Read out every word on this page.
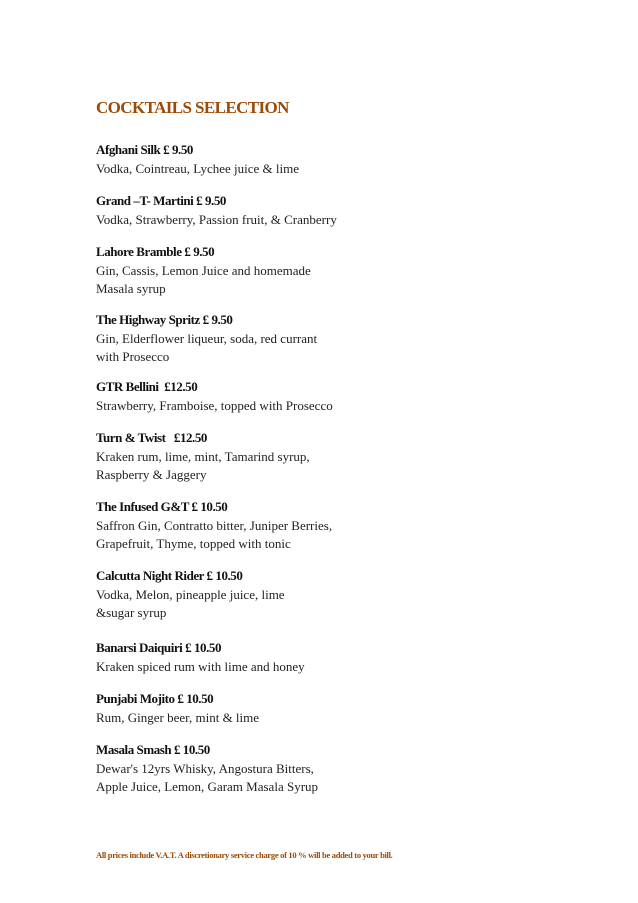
COCKTAILS SELECTION
Afghani Silk £ 9.50
Vodka, Cointreau, Lychee juice & lime
Grand –T- Martini £ 9.50
Vodka, Strawberry, Passion fruit, & Cranberry
Lahore Bramble £ 9.50
Gin, Cassis, Lemon Juice and homemade
Masala syrup
The Highway Spritz £ 9.50
Gin, Elderflower liqueur, soda, red currant
with Prosecco
GTR Bellini  £12.50
Strawberry, Framboise, topped with Prosecco
Turn & Twist   £12.50
Kraken rum, lime, mint, Tamarind syrup,
Raspberry & Jaggery
The Infused G&T £ 10.50
Saffron Gin, Contratto bitter, Juniper Berries,
Grapefruit, Thyme, topped with tonic
Calcutta Night Rider £ 10.50
Vodka, Melon, pineapple juice, lime
&sugar syrup
Banarsi Daiquiri £ 10.50
Kraken spiced rum with lime and honey
Punjabi Mojito £ 10.50
Rum, Ginger beer, mint & lime
Masala Smash £ 10.50
Dewar's 12yrs Whisky, Angostura Bitters,
Apple Juice, Lemon, Garam Masala Syrup
All prices include V.A.T. A discretionary service charge of 10 % will be added to your bill.
